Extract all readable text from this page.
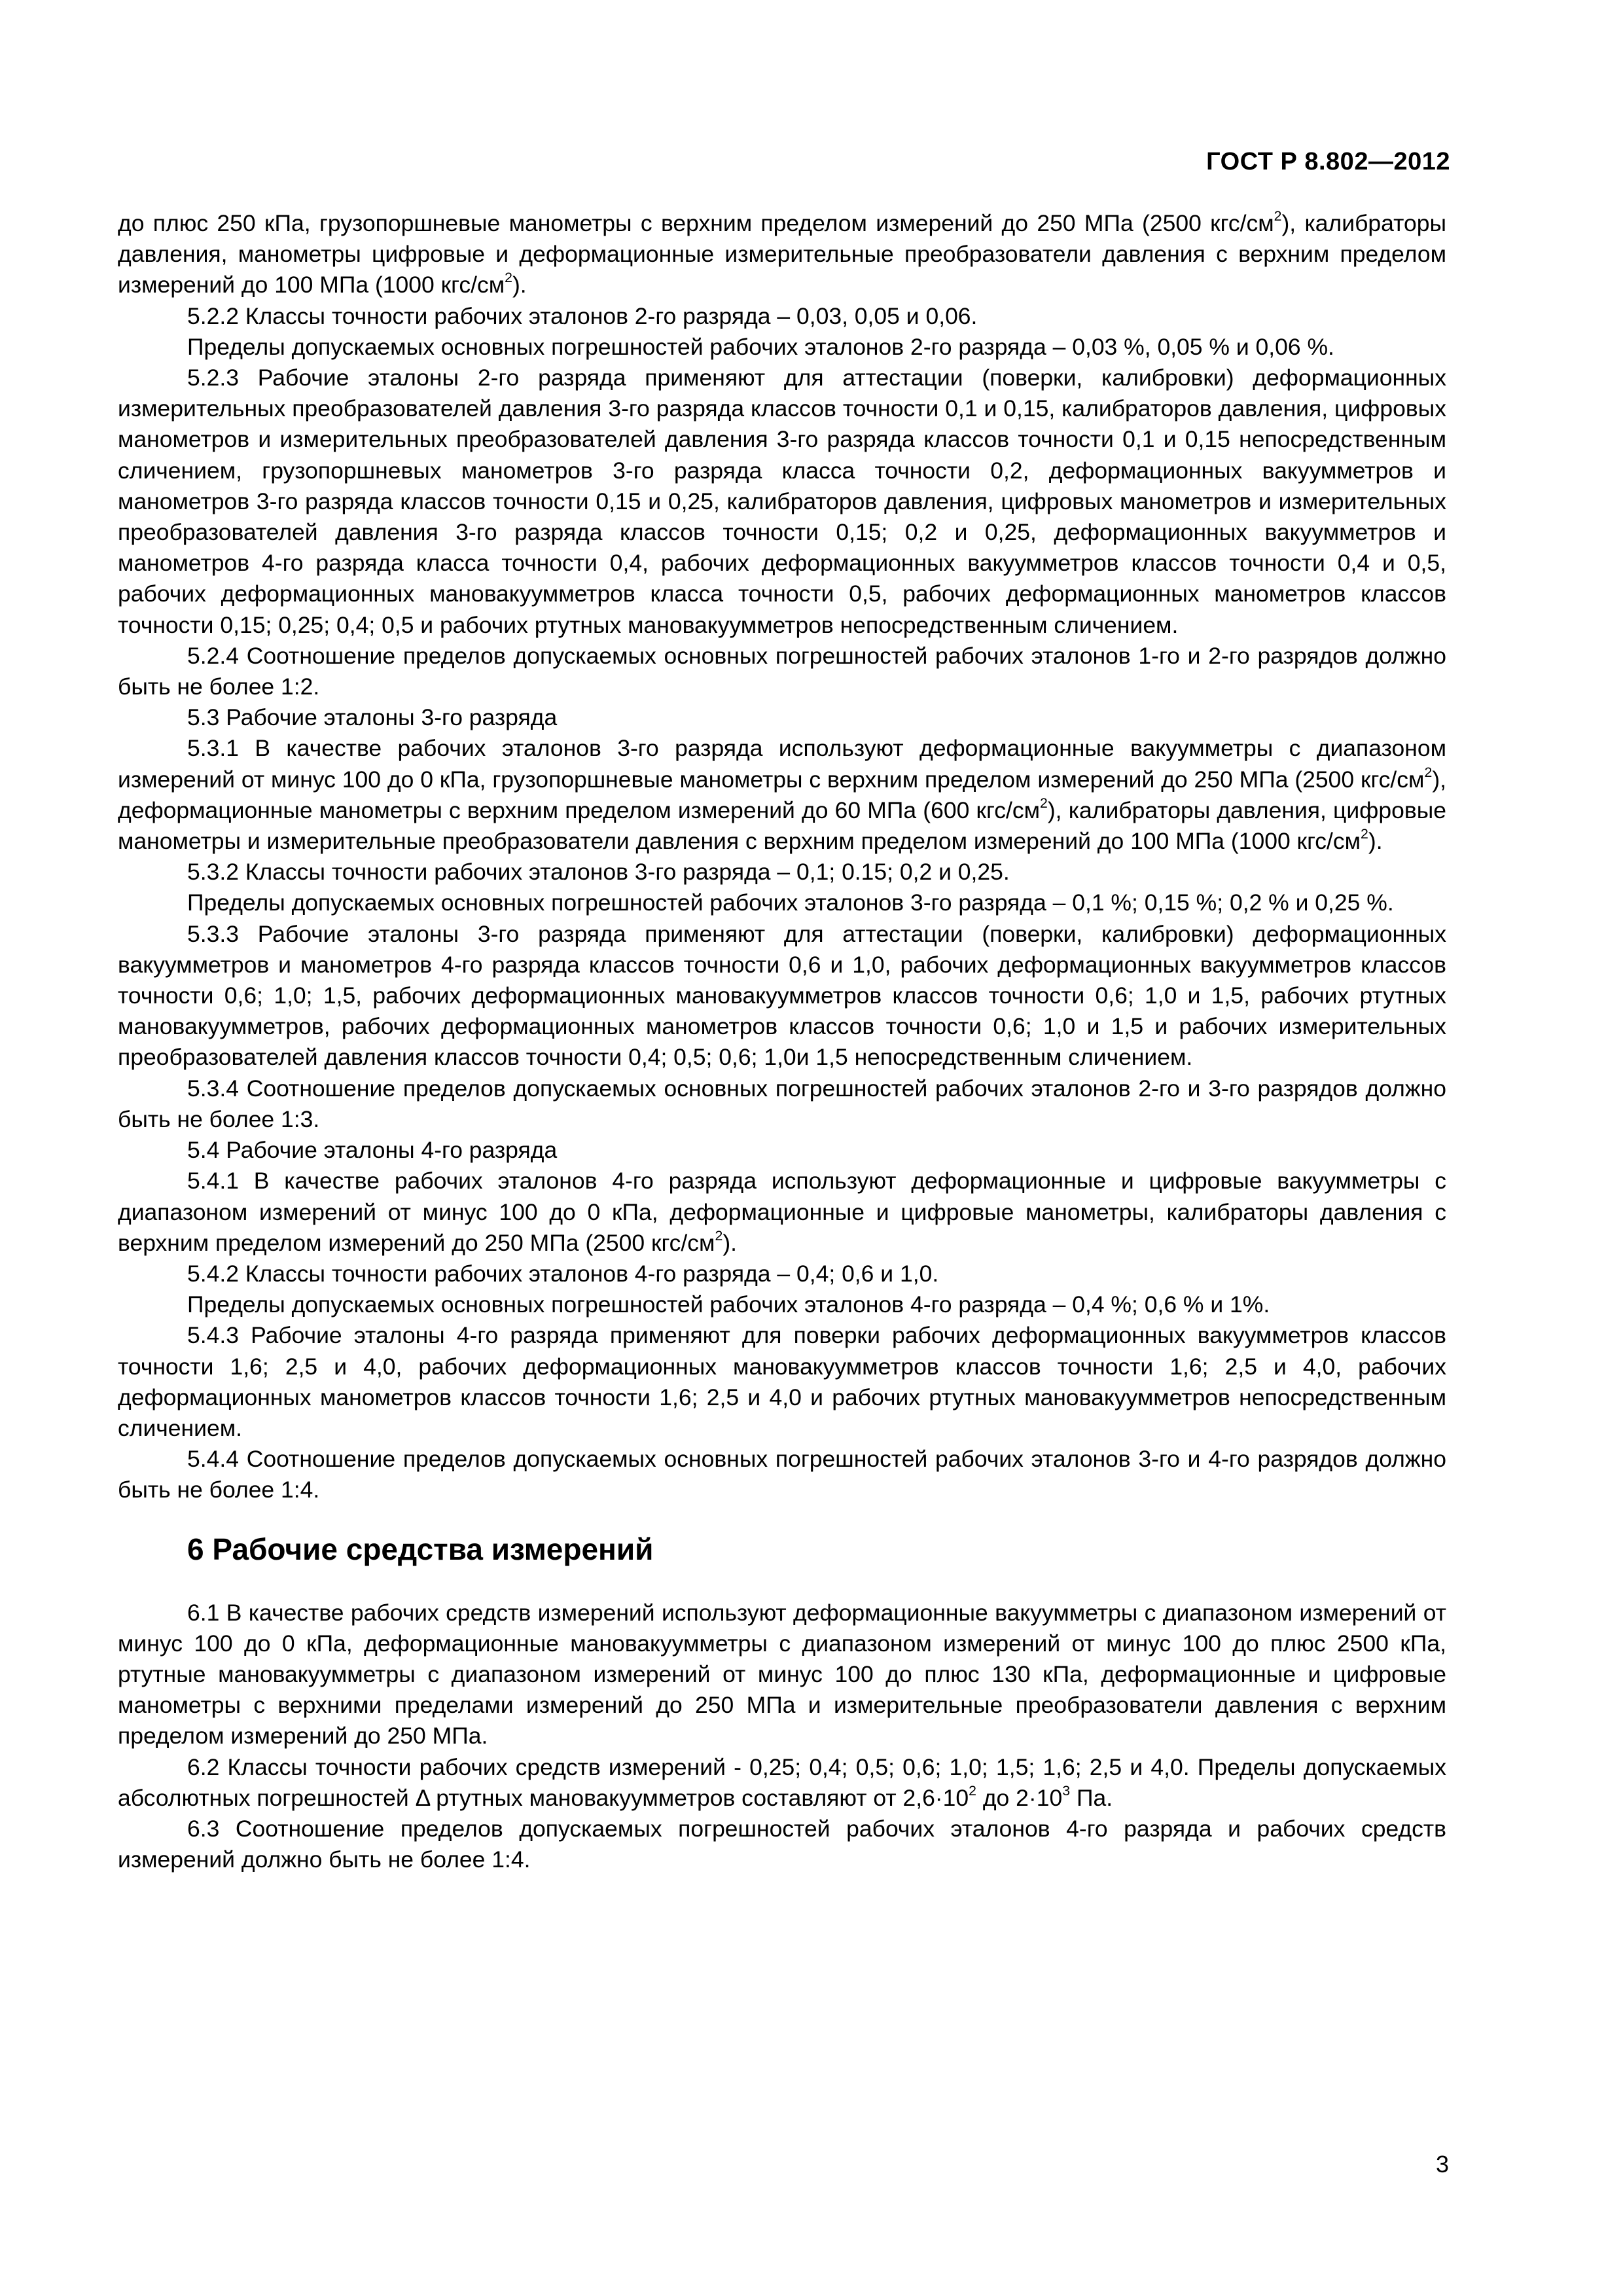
ГОСТ Р 8.802—2012

до плюс 250 кПа, грузопоршневые манометры с верхним пределом измерений до 250 МПа (2500 кгс/$см^2$), калибраторы давления, манометры цифровые и деформационные измерительные преобразователи давления с верхним пределом измерений до 100 МПа (1000 кгс/$см^2$).

5.2.2 Классы точности рабочих эталонов 2-го разряда – 0,03, 0,05 и 0,06.

Пределы допускаемых основных погрешностей рабочих эталонов 2-го разряда – 0,03 %, 0,05 % и 0,06 %.

5.2.3 Рабочие эталоны 2-го разряда применяют для аттестации (поверки, калибровки) деформационных измерительных преобразователей давления 3-го разряда классов точности 0,1 и 0,15, калибраторов давления, цифровых манометров и измерительных преобразователей давления 3-го разряда классов точности 0,1 и 0,15 непосредственным сличением, грузопоршневых манометров 3-го разряда класса точности 0,2, деформационных вакуумметров и манометров 3-го разряда классов точности 0,15 и 0,25, калибраторов давления, цифровых манометров и измерительных преобразователей давления 3-го разряда классов точности 0,15; 0,2 и 0,25, деформационных вакуумметров и манометров 4-го разряда класса точности 0,4, рабочих деформационных вакуумметров классов точности 0,4 и 0,5, рабочих деформационных мановакуумметров класса точности 0,5, рабочих деформационных манометров классов точности 0,15; 0,25; 0,4; 0,5 и рабочих ртутных мановакуумметров непосредственным сличением.

5.2.4 Соотношение пределов допускаемых основных погрешностей рабочих эталонов 1-го и 2-го разрядов должно быть не более 1:2.

5.3 Рабочие эталоны 3-го разряда

5.3.1 В качестве рабочих эталонов 3-го разряда используют деформационные вакуумметры с диапазоном измерений от минус 100 до 0 кПа, грузопоршневые манометры с верхним пределом измерений до 250 МПа (2500 кгс/$см^2$), деформационные манометры с верхним пределом измерений до 60 МПа (600 кгс/$см^2$), калибраторы давления, цифровые манометры и измерительные преобразователи давления с верхним пределом измерений до 100 МПа (1000 кгс/$см^2$).

5.3.2 Классы точности рабочих эталонов 3-го разряда – 0,1; 0.15; 0,2 и 0,25.

Пределы допускаемых основных погрешностей рабочих эталонов 3-го разряда – 0,1 %; 0,15 %; 0,2 % и 0,25 %.

5.3.3 Рабочие эталоны 3-го разряда применяют для аттестации (поверки, калибровки) деформационных вакуумметров и манометров 4-го разряда классов точности 0,6 и 1,0, рабочих деформационных вакуумметров классов точности 0,6; 1,0; 1,5, рабочих деформационных мановакуумметров классов точности 0,6; 1,0 и 1,5, рабочих ртутных мановакуумметров, рабочих деформационных манометров классов точности 0,6; 1,0 и 1,5 и рабочих измерительных преобразователей давления классов точности 0,4; 0,5; 0,6; 1,0и 1,5 непосредственным сличением.

5.3.4 Соотношение пределов допускаемых основных погрешностей рабочих эталонов 2-го и 3-го разрядов должно быть не более 1:3.

5.4 Рабочие эталоны 4-го разряда

5.4.1 В качестве рабочих эталонов 4-го разряда используют деформационные и цифровые вакуумметры с диапазоном измерений от минус 100 до 0 кПа, деформационные и цифровые манометры, калибраторы давления с верхним пределом измерений до 250 МПа (2500 кгс/$см^2$).

5.4.2 Классы точности рабочих эталонов 4-го разряда – 0,4; 0,6 и 1,0.

Пределы допускаемых основных погрешностей рабочих эталонов 4-го разряда – 0,4 %; 0,6 % и 1%.

5.4.3 Рабочие эталоны 4-го разряда применяют для поверки рабочих деформационных вакуумметров классов точности 1,6; 2,5 и 4,0, рабочих деформационных мановакуумметров классов точности 1,6; 2,5 и 4,0, рабочих деформационных манометров классов точности 1,6; 2,5 и 4,0 и рабочих ртутных мановакуумметров непосредственным сличением.

5.4.4 Соотношение пределов допускаемых основных погрешностей рабочих эталонов 3-го и 4-го разрядов должно быть не более 1:4.

6 Рабочие средства измерений

6.1 В качестве рабочих средств измерений используют деформационные вакуумметры с диапазоном измерений от минус 100 до 0 кПа, деформационные мановакуумметры с диапазоном измерений от минус 100 до плюс 2500 кПа, ртутные мановакуумметры с диапазоном измерений от минус 100 до плюс 130 кПа, деформационные и цифровые манометры с верхними пределами измерений до 250 МПа и измерительные преобразователи давления с верхним пределом измерений до 250 МПа.

6.2 Классы точности рабочих средств измерений - 0,25; 0,4; 0,5; 0,6; 1,0; 1,5; 1,6; 2,5 и 4,0. Пределы допускаемых абсолютных погрешностей Δ ртутных мановакуумметров составляют от $2,6\cdot 10^2$ до $2\cdot 10^3$ Па.

6.3 Соотношение пределов допускаемых погрешностей рабочих эталонов 4-го разряда и рабочих средств измерений должно быть не более 1:4.

3
